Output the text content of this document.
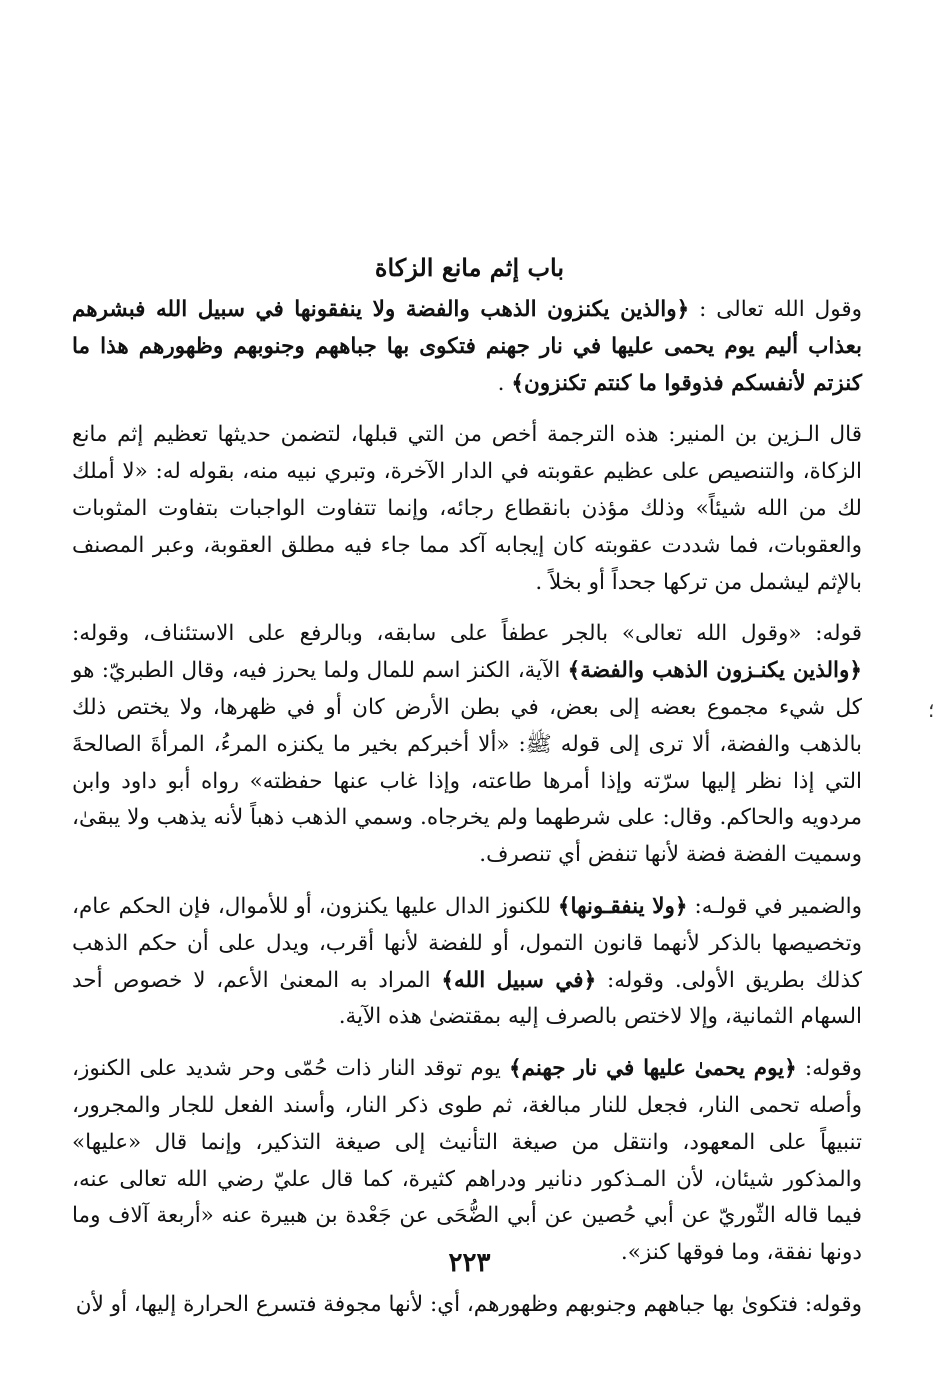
باب إثم مانع الزكاة
وقول الله تعالى : ﴿والذين يكنزون الذهب والفضة ولا ينفقونها في سبيل الله فبشرهم بعذاب أليم يوم يحمى عليها في نار جهنم فتكوى بها جباههم وجنوبهم وظهورهم هذا ما كنزتم لأنفسكم فذوقوا ما كنتم تكنزون﴾ .
قال الـزين بن المنير: هذه الترجمة أخص من التي قبلها، لتضمن حديثها تعظيم إثم مانع الزكاة، والتنصيص على عظيم عقوبته في الدار الآخرة، وتبري نبيه منه، بقوله له: «لا أملك لك من الله شيئاً» وذلك مؤذن بانقطاع رجائه، وإنما تتفاوت الواجبات بتفاوت المثوبات والعقوبات، فما شددت عقوبته كان إيجابه آكد مما جاء فيه مطلق العقوبة، وعبر المصنف بالإثم ليشمل من تركها جحداً أو بخلاً .
قوله: «وقول الله تعالى» بالجر عطفاً على سابقه، وبالرفع على الاستئناف، وقوله: ﴿والذين يكنـزون الذهب والفضة﴾ الآية، الكنز اسم للمال ولما يحرز فيه، وقال الطبريّ: هو كل شيء مجموع بعضه إلى بعض، في بطن الأرض كان أو في ظهرها، ولا يختص ذلك بالذهب والفضة، ألا ترى إلى قوله ﷺ: «ألا أخبركم بخير ما يكنزه المرءُ، المرأةَ الصالحةَ التي إذا نظر إليها سرّته وإذا أمرها طاعته، وإذا غاب عنها حفظته» رواه أبو داود وابن مردويه والحاكم. وقال: على شرطهما ولم يخرجاه. وسمي الذهب ذهباً لأنه يذهب ولا يبقىٰ، وسميت الفضة فضة لأنها تنفض أي تنصرف.
والضمير في قولـه: ﴿ولا ينفقـونها﴾ للكنوز الدال عليها يكنزون، أو للأموال، فإن الحكم عام، وتخصيصها بالذكر لأنهما قانون التمول، أو للفضة لأنها أقرب، ويدل على أن حكم الذهب كذلك بطريق الأولى. وقوله: ﴿في سبيل الله﴾ المراد به المعنىٰ الأعم، لا خصوص أحد السهام الثمانية، وإلا لاختص بالصرف إليه بمقتضىٰ هذه الآية.
وقوله: ﴿يوم يحمىٰ عليها في نار جهنم﴾ يوم توقد النار ذات حُمّى وحر شديد على الكنوز، وأصله تحمى النار، فجعل للنار مبالغة، ثم طوى ذكر النار، وأسند الفعل للجار والمجرور، تنبيهاً على المعهود، وانتقل من صيغة التأنيث إلى صيغة التذكير، وإنما قال «عليها» والمذكور شيئان، لأن المـذكور دنانير ودراهم كثيرة، كما قال عليّ رضي الله تعالى عنه، فيما قاله الثّوريّ عن أبي حُصين عن أبي الضُّحَى عن جَعْدة بن هبيرة عنه «أربعة آلاف وما دونها نفقة، وما فوقها كنز».
وقوله: فتكوىٰ بها جباههم وجنوبهم وظهورهم، أي: لأنها مجوفة فتسرع الحرارة إليها، أو لأن
؛
٢٢٣
